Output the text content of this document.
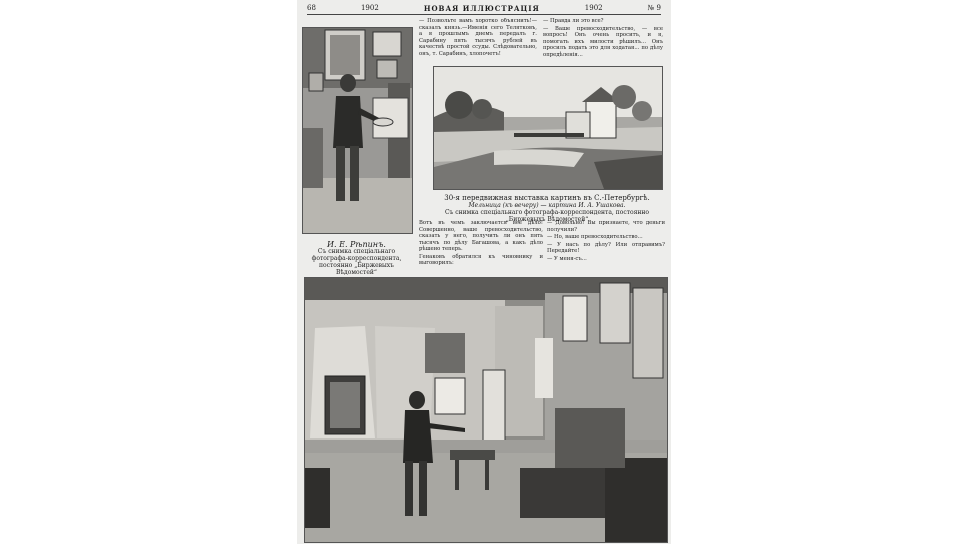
68	1902	НОВАЯ ИЛЛЮСТРАЦІЯ	1902	№ 9
И. Е. Рѣпинъ.
Съ снимка спеціальнаго фотографа-корреспондента, постоянно „Биржевыхъ Вѣдомостей“

— Позвольте вамъ хоротко объяснить!—сказалъ князь.—Именія сего Телятковъ, а я прошлымъ днемъ передалъ г. Сарабину пять тысячъ рублей въ качествѣ простой ссуды. Слѣдовательно, онъ, т. Сарабинъ, хлопочетъ!

— Правда ли это все?

— Ваше превосходительство, — все вопросъ! Онъ очень проситъ, и я, помогать ихъ милости рѣшилъ... Онъ просилъ подать это для ходатая... по дѣлу опредѣленія...

30-я передвижная выставка картинъ въ С.-Петербургѣ.
Мельница (къ вечеру) — картина И. А. Ушакова.
Съ снимка спеціальнаго фотографа-корреспондента, постоянно „Биржевыхъ Вѣдомостей“

Вотъ въ чемъ заключается все дѣло! Совершенно, ваше превосходительство, сказать у него, получить ли онъ пять тысячъ по дѣлу Багашова, а какъ дѣло рѣшено теперь.

Генаковъ обратился къ чиновнику и выговорилъ:

— Довольно! Вы признаете, что деньги получили?

— Но, ваше превосходительство...

— У насъ по дѣлу? Или отправимъ? Передайте!

— У меня-съ...
